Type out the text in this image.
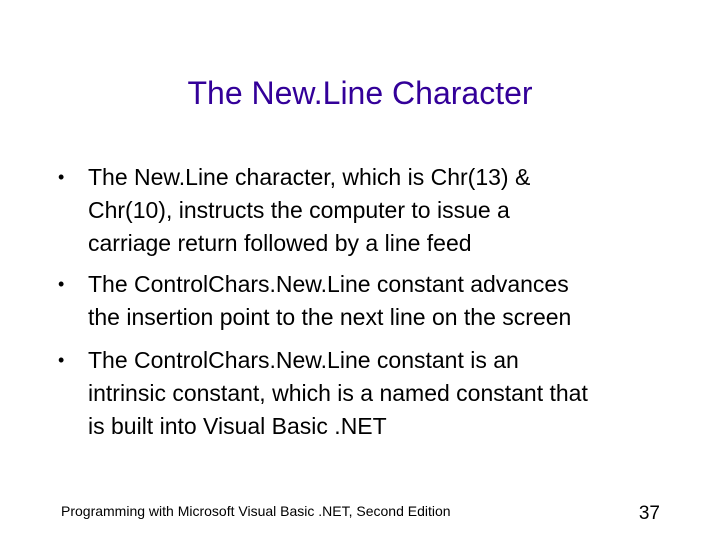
The New.Line Character
• The New.Line character, which is Chr(13) &
Chr(10), instructs the computer to issue a
carriage return followed by a line feed
• The ControlChars.New.Line constant advances
the insertion point to the next line on the screen
• The ControlChars.New.Line constant is an
intrinsic constant, which is a named constant that
is built into Visual Basic .NET
Programming with Microsoft Visual Basic .NET, Second Edition	37
